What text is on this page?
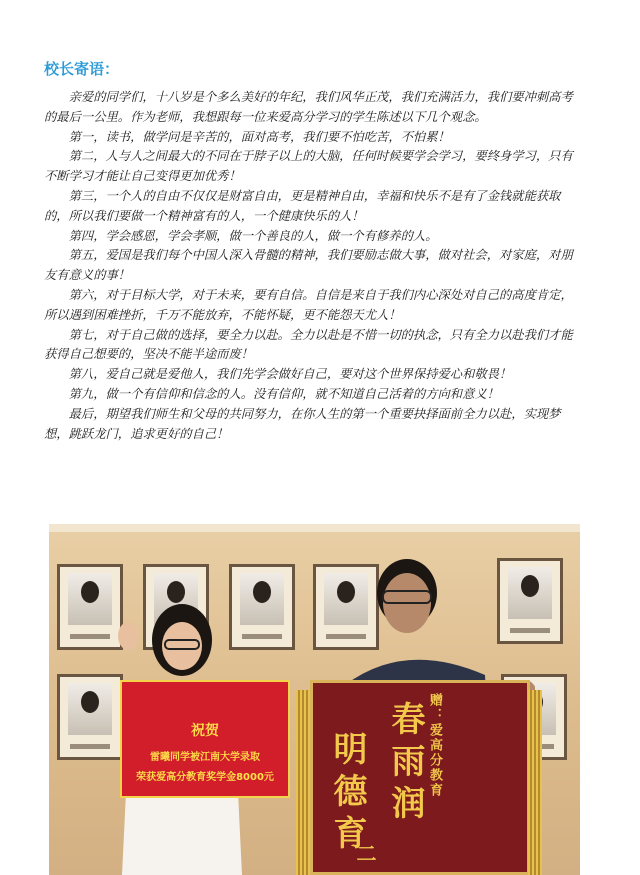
校长寄语：

亲爱的同学们，十八岁是个多么美好的年纪，我们风华正茂，我们充满活力，我们要冲刺高考的最后一公里。作为老师，我想跟每一位来爱高分学习的学生陈述以下几个观念。

第一，读书，做学问是辛苦的，面对高考，我们要不怕吃苦，不怕累！

第二，人与人之间最大的不同在于脖子以上的大脑，任何时候要学会学习，要终身学习，只有不断学习才能让自己变得更加优秀！

第三，一个人的自由不仅仅是财富自由，更是精神自由，幸福和快乐不是有了金钱就能获取的，所以我们要做一个精神富有的人，一个健康快乐的人！

第四，学会感恩，学会孝顺，做一个善良的人，做一个有修养的人。

第五，爱国是我们每个中国人深入骨髓的精神，我们要励志做大事，做对社会，对家庭，对朋友有意义的事！

第六，对于目标大学，对于未来，要有自信。自信是来自于我们内心深处对自己的高度肯定，所以遇到困难挫折，千万不能放弃，不能怀疑，更不能怨天尤人！

第七，对于自己做的选择，要全力以赴。全力以赴是不惜一切的执念，只有全力以赴我们才能获得自己想要的，坚决不能半途而废！

第八，爱自己就是爱他人，我们先学会做好自己，要对这个世界保持爱心和敬畏！

第九，做一个有信仰和信念的人。没有信仰，就不知道自己活着的方向和意义！

最后，期望我们师生和父母的共同努力，在你人生的第一个重要抉择面前全力以赴，实现梦想，跳跃龙门，追求更好的自己！

祝贺
雷曦同学被江南大学录取
荣获爱高分教育奖学金8000元	赠：爱高分教育
春雨润
明德育
二
